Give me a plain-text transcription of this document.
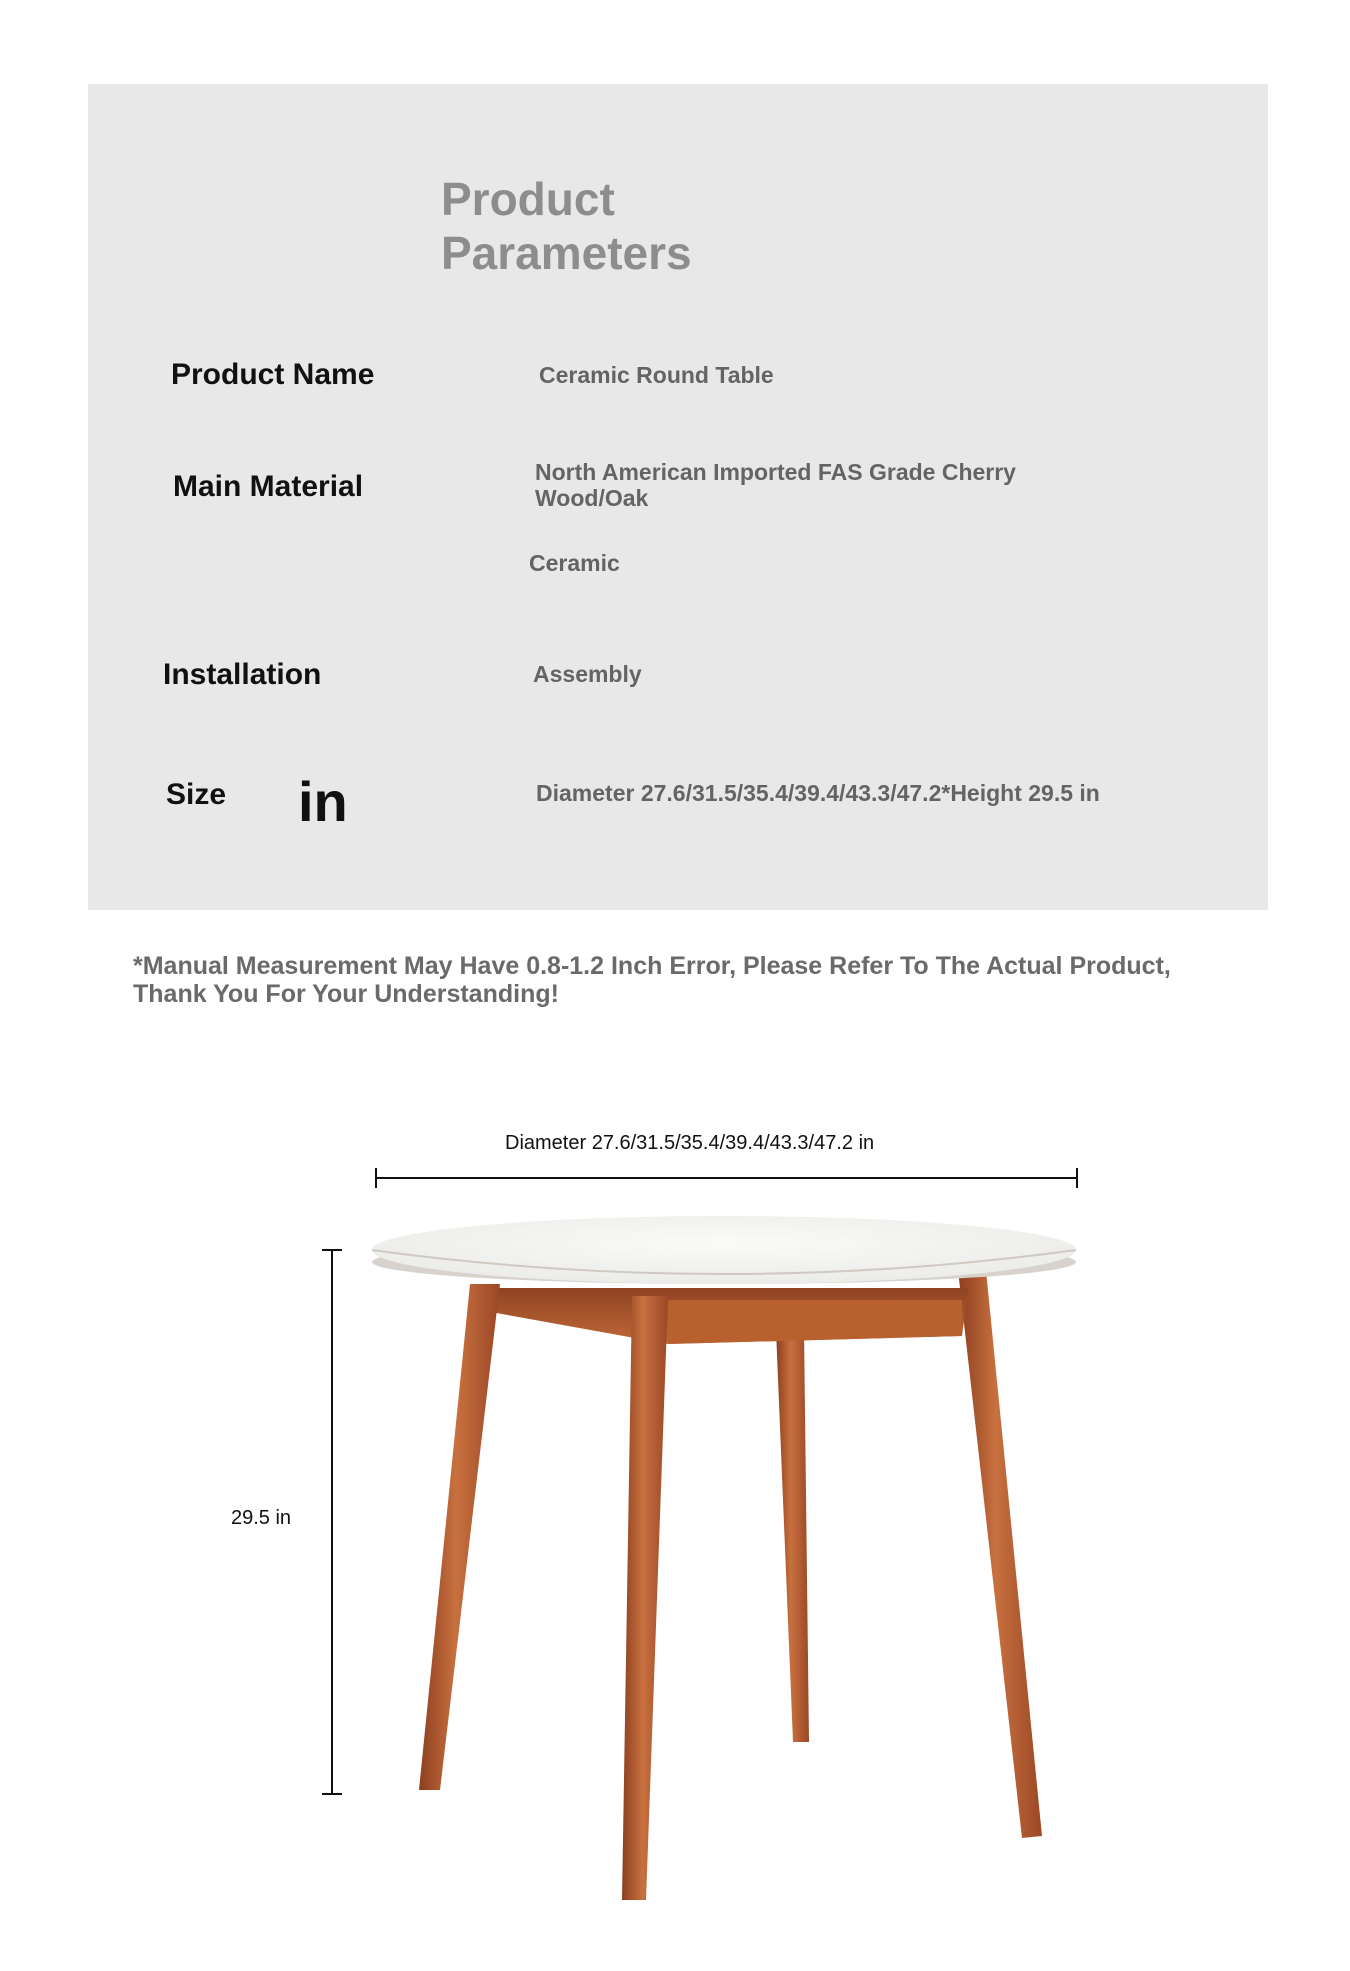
Product
Parameters
Product Name	Ceramic Round Table
Main Material	North American Imported FAS Grade Cherry Wood/Oak
Ceramic
Installation	Assembly
Size in	Diameter 27.6/31.5/35.4/39.4/43.3/47.2*Height 29.5 in
*Manual Measurement May Have 0.8-1.2 Inch Error, Please Refer To The Actual Product, Thank You For Your Understanding!
Diameter 27.6/31.5/35.4/39.4/43.3/47.2 in
29.5 in
